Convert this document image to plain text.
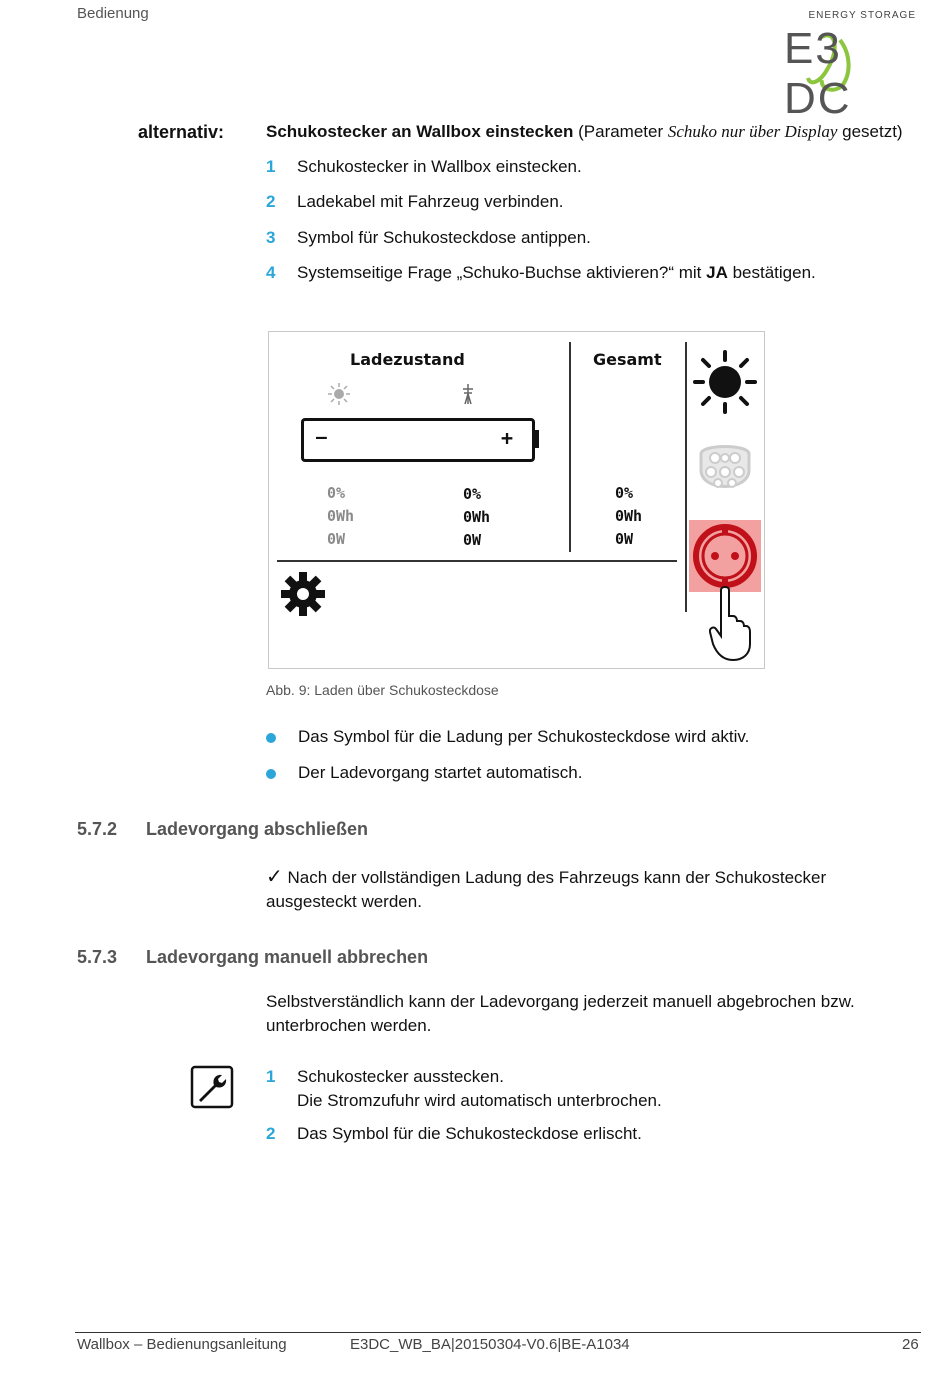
Bedienung	ENERGY STORAGE
E3DC
alternativ: Schukostecker an Wallbox einstecken (Parameter Schuko nur über Display gesetzt)
1 Schukostecker in Wallbox einstecken.
2 Ladekabel mit Fahrzeug verbinden.
3 Symbol für Schukosteckdose antippen.
4 Systemseitige Frage „Schuko-Buchse aktivieren?“ mit JA bestätigen.
Ladezustand	Gesamt
–	+
0%
0Wh
0W
0%
0Wh
0W
0%
0Wh
0W
Abb. 9: Laden über Schukosteckdose
Das Symbol für die Ladung per Schukosteckdose wird aktiv.
Der Ladevorgang startet automatisch.
5.7.2 Ladevorgang abschließen
✓ Nach der vollständigen Ladung des Fahrzeugs kann der Schukostecker
ausgesteckt werden.
5.7.3 Ladevorgang manuell abbrechen
Selbstverständlich kann der Ladevorgang jederzeit manuell abgebrochen bzw.
unterbrochen werden.
1 Schukostecker ausstecken.
Die Stromzufuhr wird automatisch unterbrochen.
2 Das Symbol für die Schukosteckdose erlischt.
Wallbox – Bedienungsanleitung	E3DC_WB_BA|20150304-V0.6|BE-A1034	26
